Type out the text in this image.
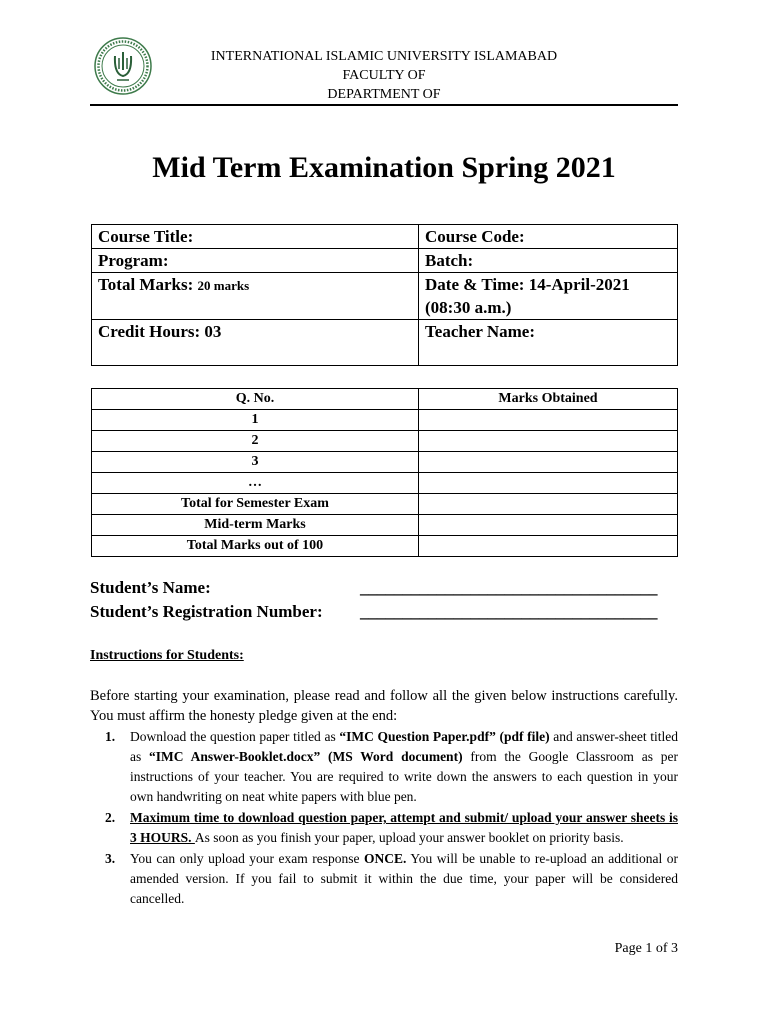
INTERNATIONAL ISLAMIC UNIVERSITY ISLAMABAD
FACULTY OF
DEPARTMENT OF
Mid Term Examination Spring 2021
Course Title:	Course Code:
Program:	Batch:
Total Marks: 20 marks	Date & Time: 14-April-2021
(08:30 a.m.)

Credit Hours: 03	Teacher Name:
Q. No.	Marks Obtained
1	
2	
3	
…	
Total for Semester Exam	
Mid-term Marks	
Total Marks out of 100	
Student’s Name:	___________________________________
Student’s Registration Number: ___________________________________
Instructions for Students:
Before starting your examination, please read and follow all the given below instructions carefully. You must affirm the honesty pledge given at the end:
1. Download the question paper titled as “IMC Question Paper.pdf” (pdf file) and answer-sheet titled as “IMC Answer-Booklet.docx” (MS Word document) from the Google Classroom as per instructions of your teacher. You are required to write down the answers to each question in your own handwriting on neat white papers with blue pen.
2. Maximum time to download question paper, attempt and submit/ upload your answer sheets is 3 HOURS. As soon as you finish your paper, upload your answer booklet on priority basis.
3. You can only upload your exam response ONCE. You will be unable to re-upload an additional or amended version. If you fail to submit it within the due time, your paper will be considered cancelled.
Page 1 of 3
